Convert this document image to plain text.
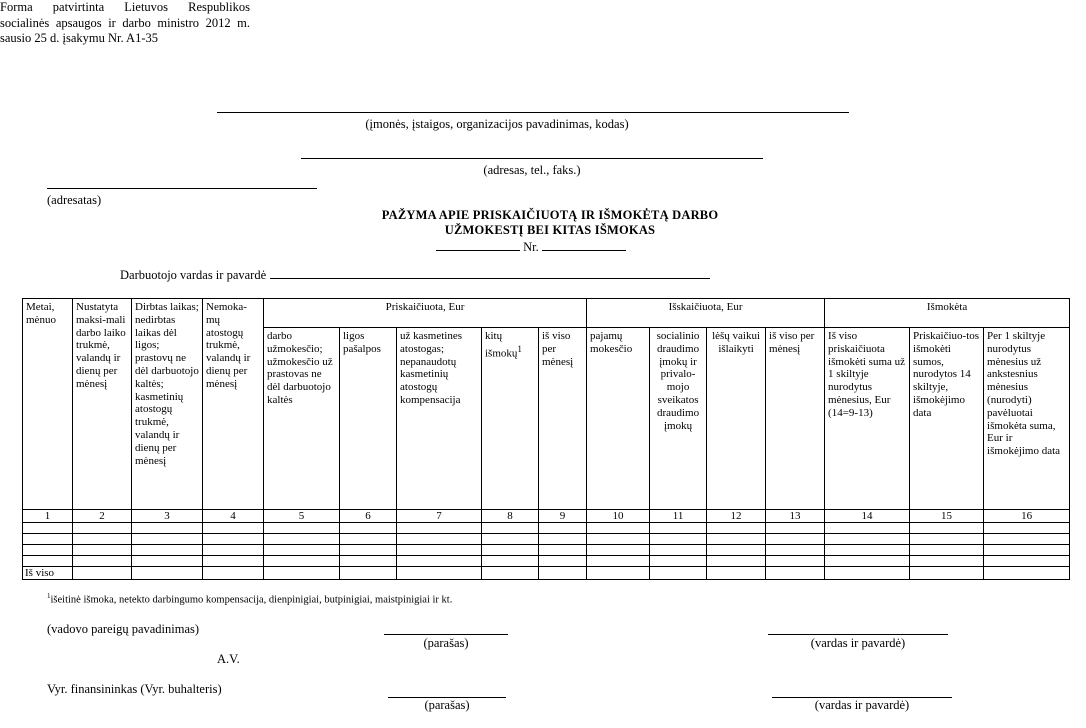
Forma patvirtinta Lietuvos Respublikos
socialinės apsaugos ir darbo ministro 2012 m.
sausio 25 d. įsakymu Nr. A1-35
(įmonės, įstaigos, organizacijos pavadinimas, kodas)
(adresas, tel., faks.)
(adresatas)
PAŽYMA APIE PRISKAIČIUOTĄ IR IŠMOKĖTĄ DARBO
UŽMOKESTĮ BEI KITAS IŠMOKAS
Nr.
Darbuotojo vardas ir pavardė
Metai, mėnuo	Nustatyta maksi-mali darbo laiko trukmė, valandų ir dienų per mėnesį	Dirbtas laikas; nedirbtas laikas dėl ligos; prastovų ne dėl darbuotojo kaltės; kasmetinių atostogų trukmė, valandų ir dienų per mėnesį	Nemoka-mų atostogų trukmė, valandų ir dienų per mėnesį	Priskaičiuota, Eur					Išskaičiuota, Eur				Išmokėta		
				darbo užmokesčio; užmokesčio už prastovas ne dėl darbuotojo kaltės	ligos pašalpos	už kasmetines atostogas; nepanaudotų kasmetinių atostogų kompensacija	kitų išmokų$^1$	iš viso per mėnesį	pajamų mokesčio	socialinio draudimo įmokų ir privalo-mojo sveikatos draudimo įmokų	lėšų vaikui išlaikyti	iš viso per mėnesį	Iš viso priskaičiuota išmokėti suma už 1 skiltyje nurodytus mėnesius, Eur (14=9-13)	Priskaičiuo-tos išmokėti sumos, nurodytos 14 skiltyje, išmokėjimo data	Per 1 skiltyje nurodytus mėnesius už ankstesnius mėnesius (nurodyti) pavėluotai išmokėta suma, Eur ir išmokėjimo data
1	2	3	4	5	6	7	8	9	10	11	12	13	14	15	16

Iš viso															
$^1$išeitinė išmoka, netekto darbingumo kompensacija, dienpinigiai, butpinigiai, maistpinigiai ir kt.
(vadovo pareigų pavadinimas)
(parašas)	(vardas ir pavardė)
A.V.
Vyr. finansininkas (Vyr. buhalteris)
(parašas)	(vardas ir pavardė)
